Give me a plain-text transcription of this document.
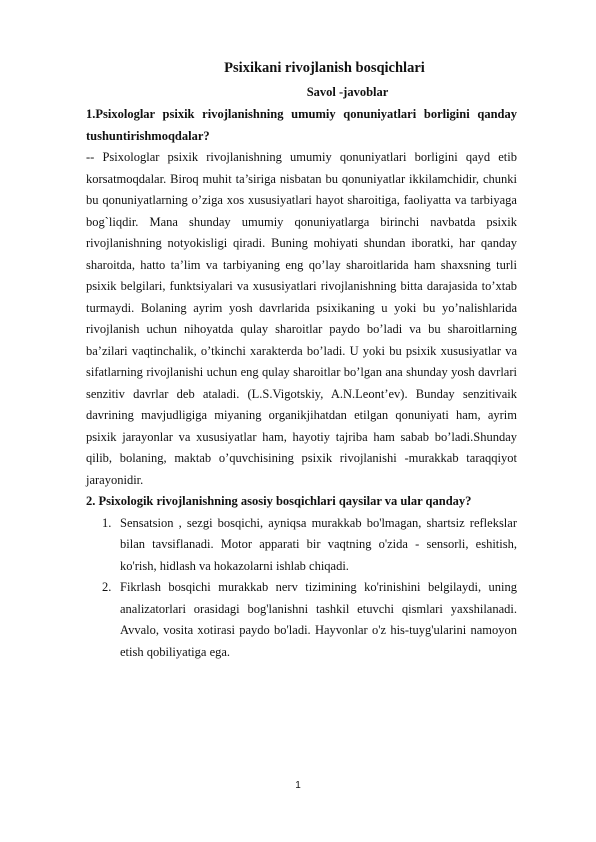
Psixikani rivojlanish bosqichlari
Savol -javoblar

1.Psixologlar psixik rivojlanishning umumiy qonuniyatlari borligini qanday tushuntirishmoqdalar?

-- Psixologlar psixik rivojlanishning umumiy qonuniyatlari borligini qayd etib korsatmoqdalar. Biroq muhit ta’siriga nisbatan bu qonuniyatlar ikkilamchidir, chunki bu qonuniyatlarning o’ziga xos xususiyatlari hayot sharoitiga, faoliyatta va tarbiyaga bog`liqdir. Mana shunday umumiy qonuniyatlarga birinchi navbatda psixik rivojlanishning notyokisligi qiradi. Buning mohiyati shundan iboratki, har qanday sharoitda, hatto ta’lim va tarbiyaning eng qo’lay sharoitlarida ham shaxsning turli psixik belgilari, funktsiyalari va xususiyatlari rivojlanishning bitta darajasida to’xtab turmaydi. Bolaning ayrim yosh davrlarida psixikaning u yoki bu yo’nalishlarida rivojlanish uchun nihoyatda qulay sharoitlar paydo bo’ladi va bu sharoitlarning ba’zilari vaqtinchalik, o’tkinchi xarakterda bo’ladi. U yoki bu psixik xususiyatlar va sifatlarning rivojlanishi uchun eng qulay sharoitlar bo’lgan ana shunday yosh davrlari senzitiv davrlar deb ataladi. (L.S.Vigotskiy, A.N.Leont’ev). Bunday senzitivaik davrining mavjudligiga miyaning organikjihatdan etilgan qonuniyati ham, ayrim psixik jarayonlar va xususiyatlar ham, hayotiy tajriba ham sabab bo’ladi.Shunday qilib, bolaning, maktab o’quvchisining psixik rivojlanishi -murakkab taraqqiyot jarayonidir.

2. Psixologik rivojlanishning asosiy bosqichlari qaysilar va ular qanday?

1. Sensatsion , sezgi bosqichi, ayniqsa murakkab bo'lmagan, shartsiz reflekslar bilan tavsiflanadi. Motor apparati bir vaqtning o'zida - sensorli, eshitish, ko'rish, hidlash va hokazolarni ishlab chiqadi.
2. Fikrlash bosqichi murakkab nerv tizimining ko'rinishini belgilaydi, uning analizatorlari orasidagi bog'lanishni tashkil etuvchi qismlari yaxshilanadi. Avvalo, vosita xotirasi paydo bo'ladi. Hayvonlar o'z his-tuyg'ularini namoyon etish qobiliyatiga ega.
1
